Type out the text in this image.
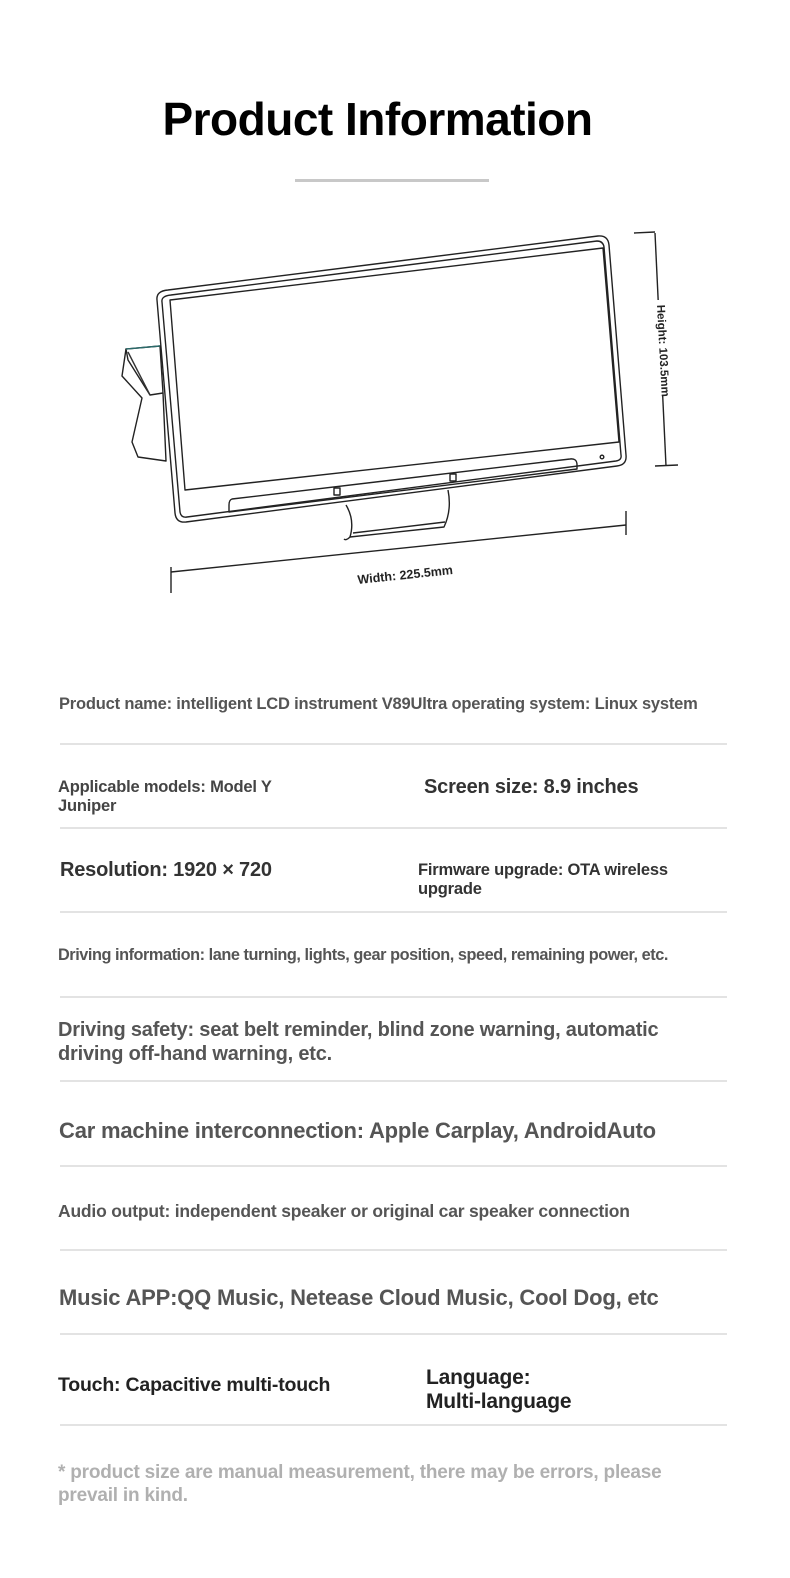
Product Information
Height: 103.5mm
Width: 225.5mm
Product name: intelligent LCD instrument V89Ultra operating system: Linux system
Applicable models: Model Y Juniper
Screen size: 8.9 inches
Resolution: 1920 × 720	Firmware upgrade: OTA wireless upgrade
Driving information: lane turning, lights, gear position, speed, remaining power, etc.
Driving safety: seat belt reminder, blind zone warning, automatic driving off-hand warning, etc.
Car machine interconnection: Apple Carplay, AndroidAuto
Audio output: independent speaker or original car speaker connection
Music APP:QQ Music, Netease Cloud Music, Cool Dog, etc
Touch: Capacitive multi-touch	Language:
Multi-language
* product size are manual measurement, there may be errors, please prevail in kind.
